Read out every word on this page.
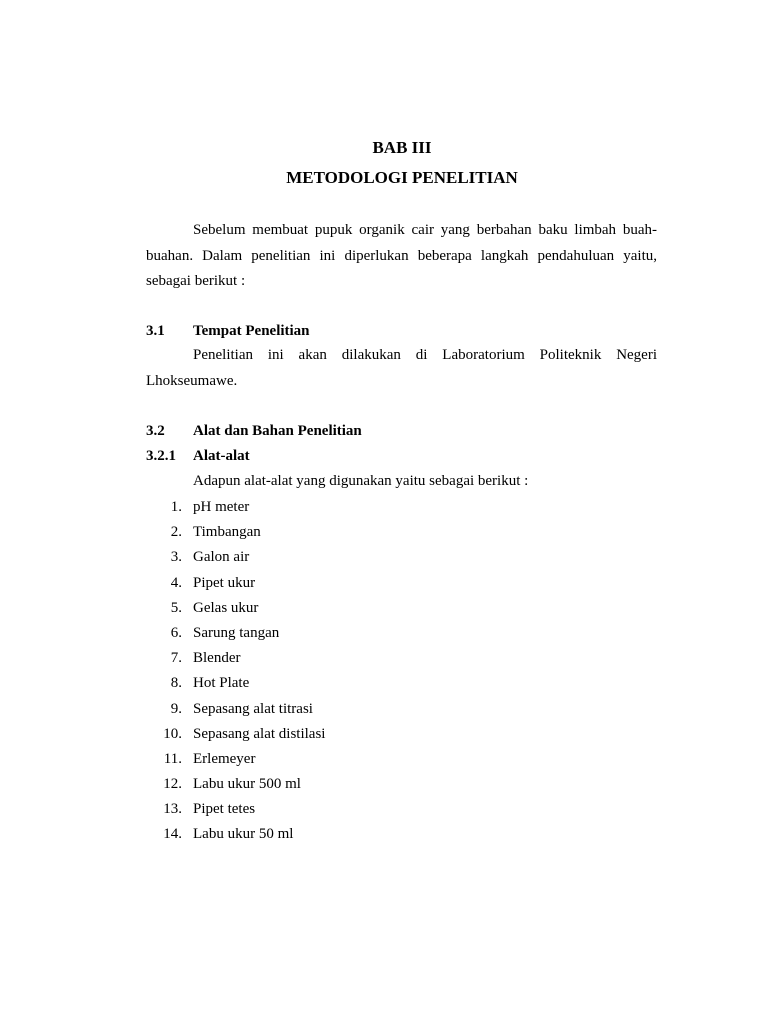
BAB III
METODOLOGI PENELITIAN
Sebelum membuat pupuk organik cair yang berbahan baku limbah buah-buahan. Dalam penelitian ini diperlukan beberapa langkah pendahuluan yaitu, sebagai berikut :
3.1 Tempat Penelitian
Penelitian ini akan dilakukan di Laboratorium Politeknik Negeri Lhokseumawe.
3.2 Alat dan Bahan Penelitian
3.2.1 Alat-alat
Adapun alat-alat yang digunakan yaitu sebagai berikut :
1. pH meter
2. Timbangan
3. Galon air
4. Pipet ukur
5. Gelas ukur
6. Sarung tangan
7. Blender
8. Hot Plate
9. Sepasang alat titrasi
10. Sepasang alat distilasi
11. Erlemeyer
12. Labu ukur 500 ml
13. Pipet tetes
14. Labu ukur 50 ml
